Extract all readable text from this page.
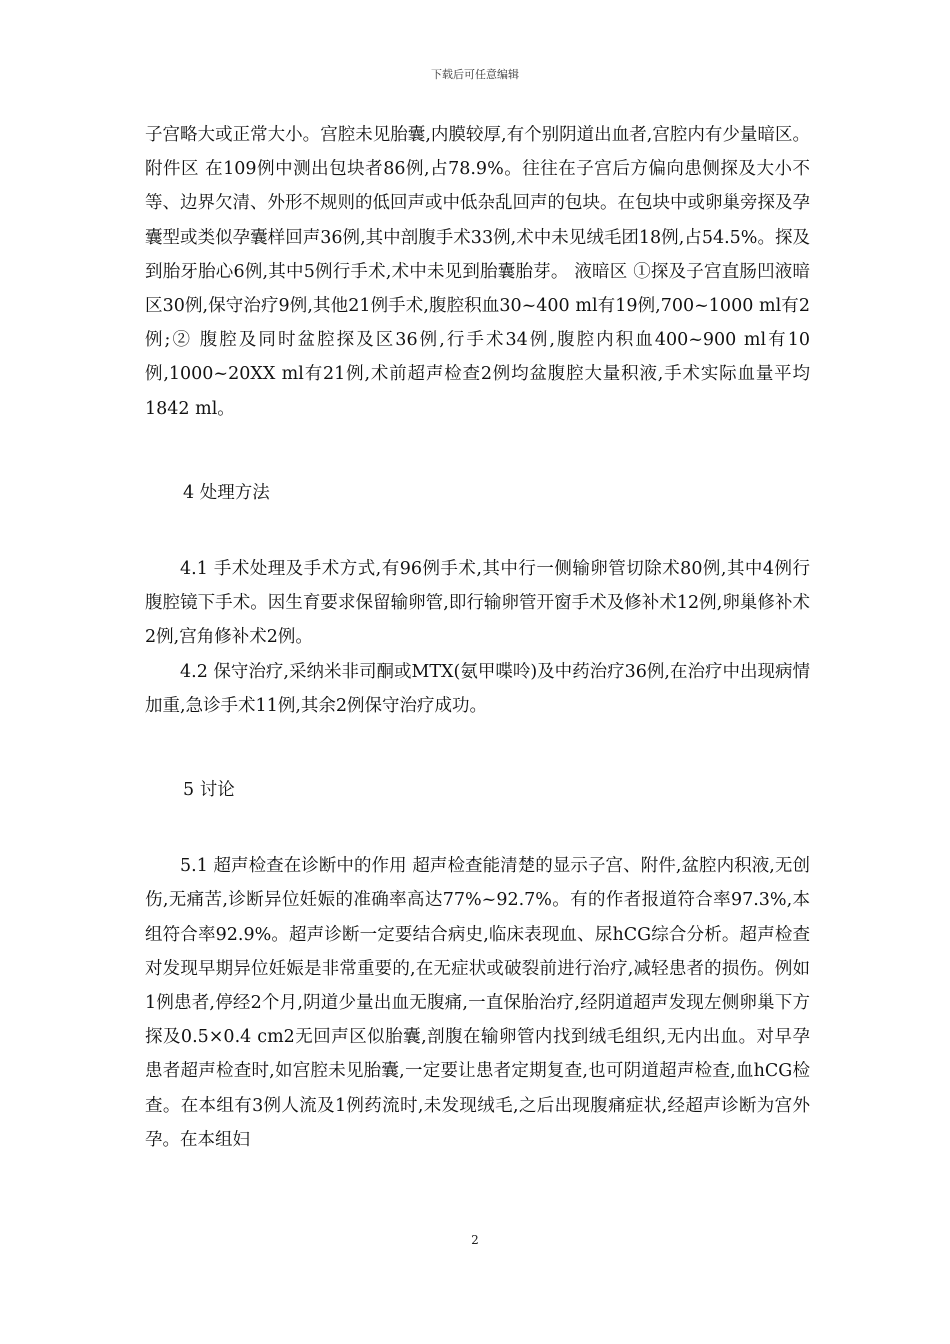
下载后可任意编辑

子宫略大或正常大小。宫腔未见胎囊,内膜较厚,有个别阴道出血者,宫腔内有少量暗区。附件区 在109例中测出包块者86例,占78.9%。往往在子宫后方偏向患侧探及大小不等、边界欠清、外形不规则的低回声或中低杂乱回声的包块。在包块中或卵巢旁探及孕囊型或类似孕囊样回声36例,其中剖腹手术33例,术中未见绒毛团18例,占54.5%。探及到胎牙胎心6例,其中5例行手术,术中未见到胎囊胎芽。 液暗区 ①探及子宫直肠凹液暗区30例,保守治疗9例,其他21例手术,腹腔积血30~400 ml有19例,700~1000 ml有2例;② 腹腔及同时盆腔探及区36例,行手术34例,腹腔内积血400~900 ml有10例,1000~20XX ml有21例,术前超声检查2例均盆腹腔大量积液,手术实际血量平均1842 ml。

4 处理方法

4.1 手术处理及手术方式,有96例手术,其中行一侧输卵管切除术80例,其中4例行腹腔镜下手术。因生育要求保留输卵管,即行输卵管开窗手术及修补术12例,卵巢修补术2例,宫角修补术2例。

4.2 保守治疗,采纳米非司酮或MTX(氨甲喋呤)及中药治疗36例,在治疗中出现病情加重,急诊手术11例,其余2例保守治疗成功。

5 讨论

5.1 超声检查在诊断中的作用 超声检查能清楚的显示子宫、附件,盆腔内积液,无创伤,无痛苦,诊断异位妊娠的准确率高达77%~92.7%。有的作者报道符合率97.3%,本组符合率92.9%。超声诊断一定要结合病史,临床表现血、尿hCG综合分析。超声检查对发现早期异位妊娠是非常重要的,在无症状或破裂前进行治疗,减轻患者的损伤。例如1例患者,停经2个月,阴道少量出血无腹痛,一直保胎治疗,经阴道超声发现左侧卵巢下方探及0.5×0.4 cm2无回声区似胎囊,剖腹在输卵管内找到绒毛组织,无内出血。对早孕患者超声检查时,如宫腔未见胎囊,一定要让患者定期复查,也可阴道超声检查,血hCG检查。在本组有3例人流及1例药流时,未发现绒毛,之后出现腹痛症状,经超声诊断为宫外孕。在本组妇

2
